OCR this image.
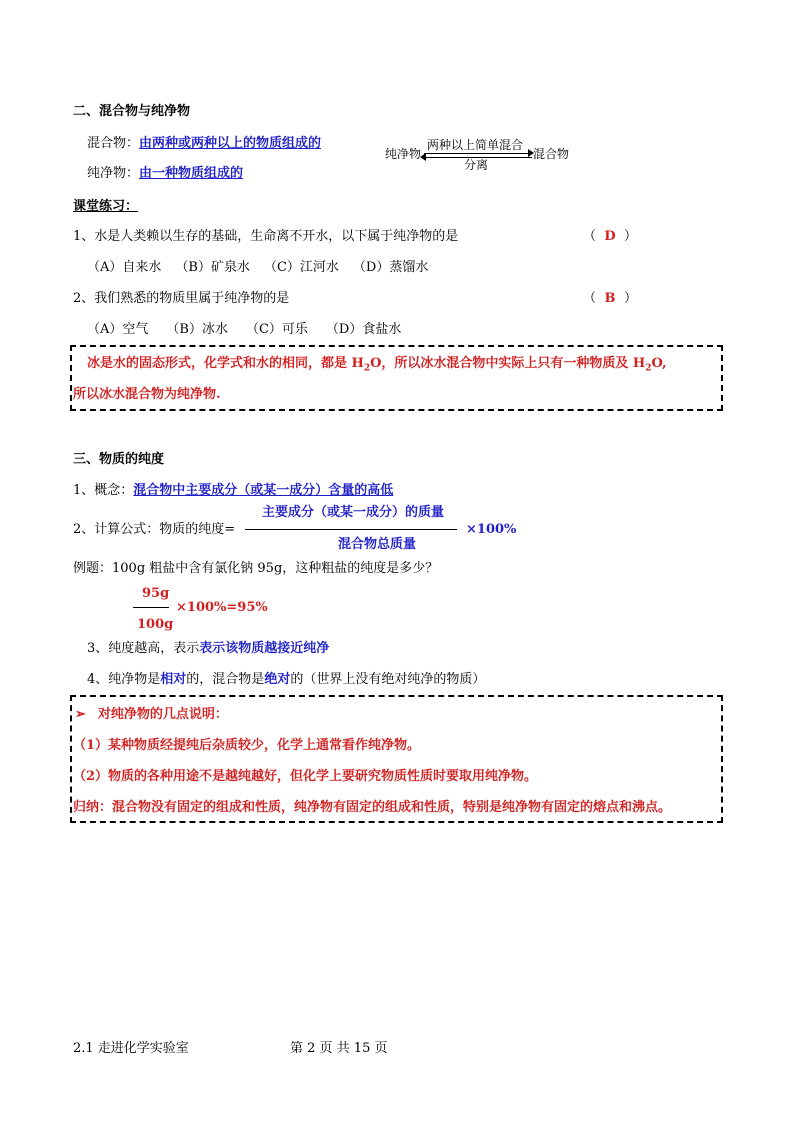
二、混合物与纯净物
混合物：由两种或两种以上的物质组成的
纯净物：由一种物质组成的
纯净物
两种以上简单混合
分离
混合物
课堂练习：
1、水是人类赖以生存的基础，生命离不开水，以下属于纯净物的是	（ D ）
（A）自来水 （B）矿泉水 （C）江河水 （D）蒸馏水
2、我们熟悉的物质里属于纯净物的是	（ B ）
（A）空气 （B）冰水 （C）可乐 （D）食盐水
冰是水的固态形式，化学式和水的相同，都是 $H_2O$，所以冰水混合物中实际上只有一种物质及 $H_2O$,
所以冰水混合物为纯净物.
三、物质的纯度
1、概念：混合物中主要成分（或某一成分）含量的高低
2、计算公式：物质的纯度=
主要成分（或某一成分）的质量
混合物总质量
×100%
例题：100g 粗盐中含有氯化钠 95g，这种粗盐的纯度是多少？
95g
×100%=95%
100g
3、纯度越高，表示表示该物质越接近纯净
4、纯净物是相对的，混合物是绝对的（世界上没有绝对纯净的物质）
➢ 对纯净物的几点说明：
（1）某种物质经提纯后杂质较少，化学上通常看作纯净物。
（2）物质的各种用途不是越纯越好，但化学上要研究物质性质时要取用纯净物。
归纳：混合物没有固定的组成和性质，纯净物有固定的组成和性质，特别是纯净物有固定的熔点和沸点。
2.1 走进化学实验室	第 2 页 共 15 页
